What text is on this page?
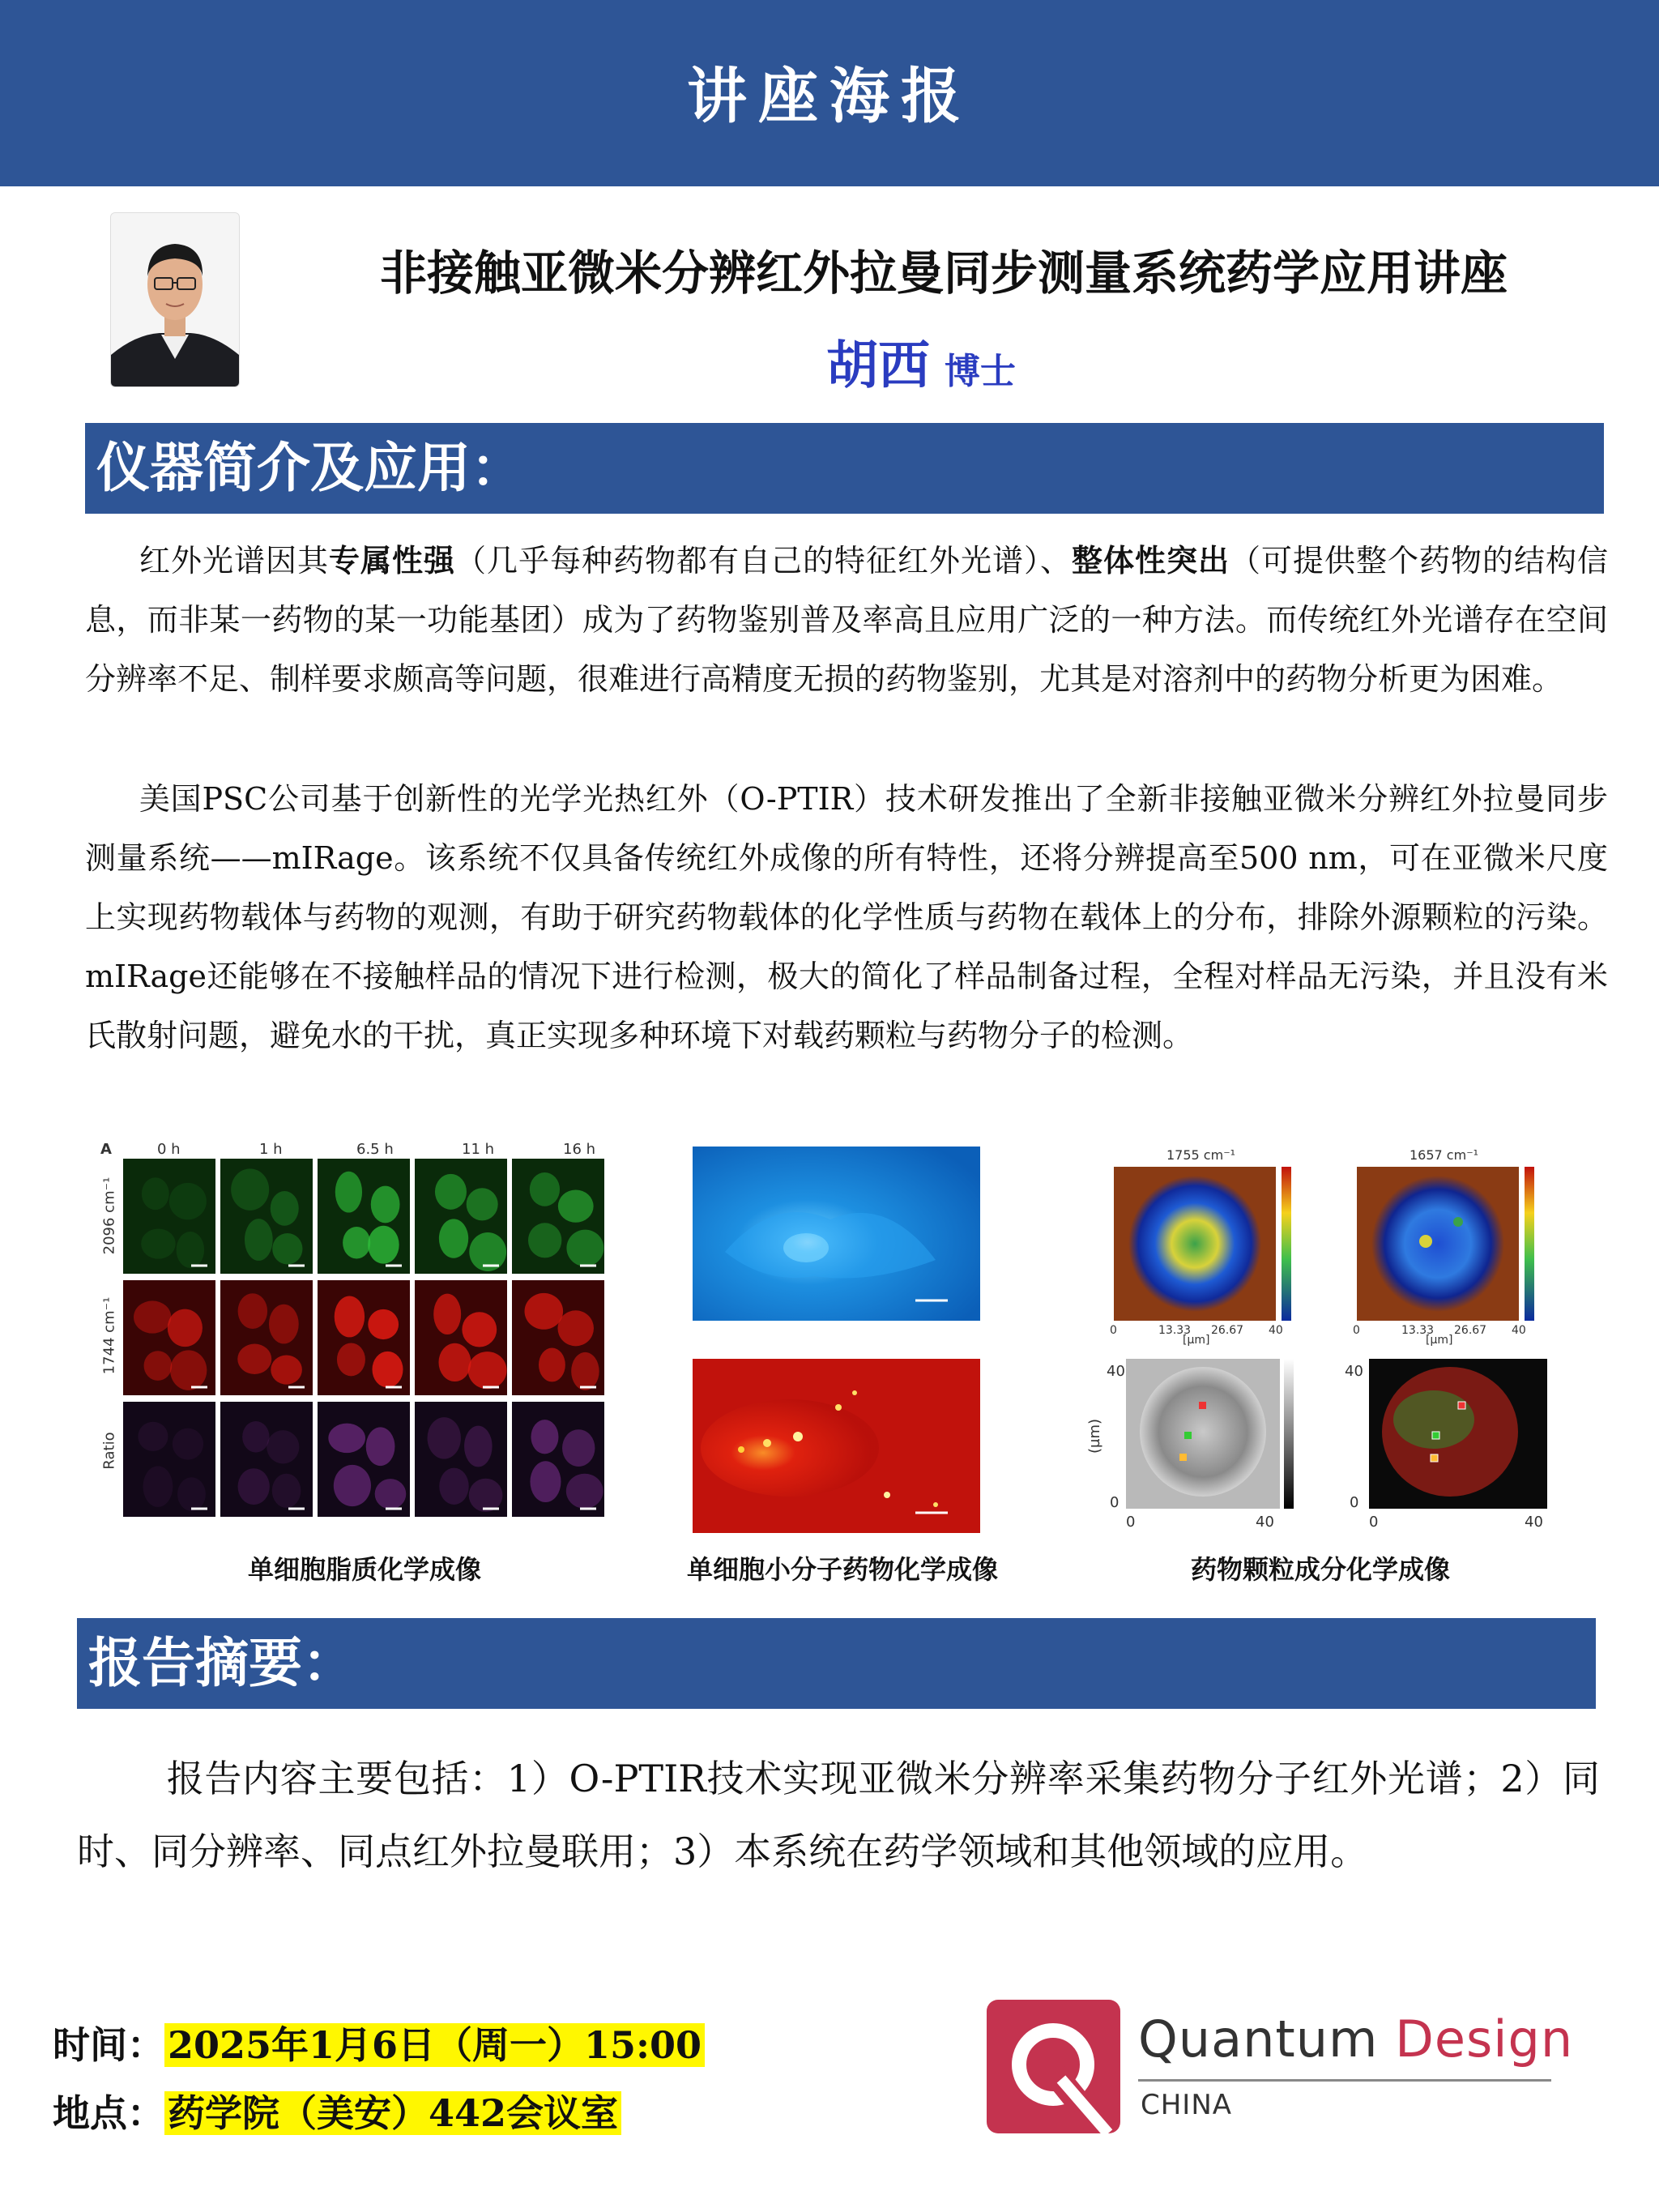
讲座海报
非接触亚微米分辨红外拉曼同步测量系统药学应用讲座
胡西 博士
仪器简介及应用：
红外光谱因其专属性强（几乎每种药物都有自己的特征红外光谱）、整体性突出（可提供整个药物的结构信息，而非某一药物的某一功能基团）成为了药物鉴别普及率高且应用广泛的一种方法。而传统红外光谱存在空间分辨率不足、制样要求颇高等问题，很难进行高精度无损的药物鉴别，尤其是对溶剂中的药物分析更为困难。
美国PSC公司基于创新性的光学光热红外（O-PTIR）技术研发推出了全新非接触亚微米分辨红外拉曼同步测量系统——mIRage。该系统不仅具备传统红外成像的所有特性，还将分辨提高至500 nm，可在亚微米尺度上实现药物载体与药物的观测，有助于研究药物载体的化学性质与药物在载体上的分布，排除外源颗粒的污染。mIRage还能够在不接触样品的情况下进行检测，极大的简化了样品制备过程，全程对样品无污染，并且没有米氏散射问题，避免水的干扰，真正实现多种环境下对载药颗粒与药物分子的检测。
A	0 h	1 h	6.5 h	11 h	16 h
2096 cm⁻¹
1744 cm⁻¹
Ratio
单细胞脂质化学成像	单细胞小分子药物化学成像
1755 cm⁻¹	1657 cm⁻¹
0	13.33 26.67 40
[µm]
0	13.33 26.67 40
[µm]
(µm)
40
0
0	40
40
0
0	40
药物颗粒成分化学成像
报告摘要：
报告内容主要包括：1）O-PTIR技术实现亚微米分辨率采集药物分子红外光谱；2）同时、同分辨率、同点红外拉曼联用；3）本系统在药学领域和其他领域的应用。
时间：2025年1月6日（周一）15:00
地点：药学院（美安）442会议室
Quantum Design
CHINA
